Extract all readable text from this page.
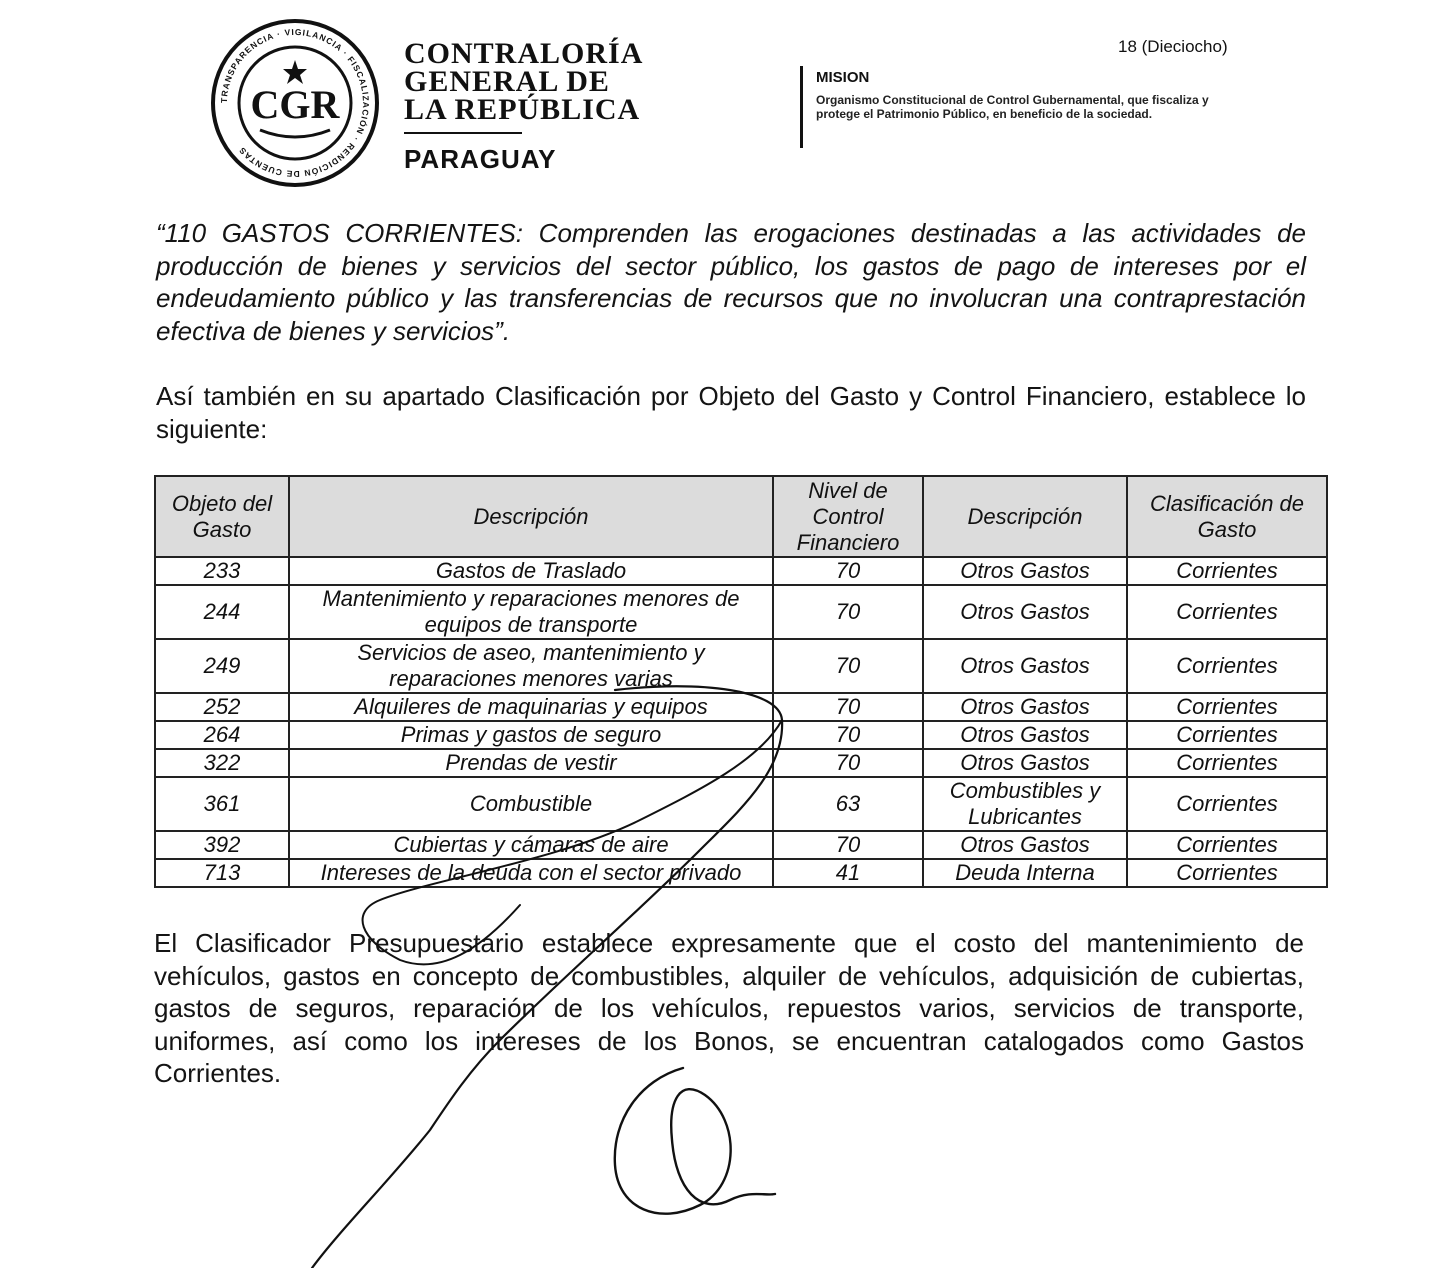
TRANSPARENCIA · VIGILANCIA · FISCALIZACIÓN · RENDICIÓN DE CUENTAS
CGR
CONTRALORÍA
GENERAL DE
LA REPÚBLICA
PARAGUAY
MISION
Organismo Constitucional de Control Gubernamental, que fiscaliza y protege el Patrimonio Público, en beneficio de la sociedad.
18 (Dieciocho)
“110 GASTOS CORRIENTES: Comprenden las erogaciones destinadas a las actividades de producción de bienes y servicios del sector público, los gastos de pago de intereses por el endeudamiento público y las transferencias de recursos que no involucran una contraprestación efectiva de bienes y servicios”.
Así también en su apartado Clasificación por Objeto del Gasto y Control Financiero, establece lo siguiente:
Objeto del Gasto	Descripción	Nivel de Control Financiero	Descripción	Clasificación de Gasto
233	Gastos de Traslado	70	Otros Gastos	Corrientes
244	Mantenimiento y reparaciones menores de equipos de transporte	70	Otros Gastos	Corrientes
249	Servicios de aseo, mantenimiento y reparaciones menores varias	70	Otros Gastos	Corrientes
252	Alquileres de maquinarias y equipos	70	Otros Gastos	Corrientes
264	Primas y gastos de seguro	70	Otros Gastos	Corrientes
322	Prendas de vestir	70	Otros Gastos	Corrientes
361	Combustible	63	Combustibles y Lubricantes	Corrientes
392	Cubiertas y cámaras de aire	70	Otros Gastos	Corrientes
713	Intereses de la deuda con el sector privado	41	Deuda Interna	Corrientes
El Clasificador Presupuestario establece expresamente que el costo del mantenimiento de vehículos, gastos en concepto de combustibles, alquiler de vehículos, adquisición de cubiertas, gastos de seguros, reparación de los vehículos, repuestos varios, servicios de transporte, uniformes, así como los intereses de los Bonos, se encuentran catalogados como Gastos Corrientes.
